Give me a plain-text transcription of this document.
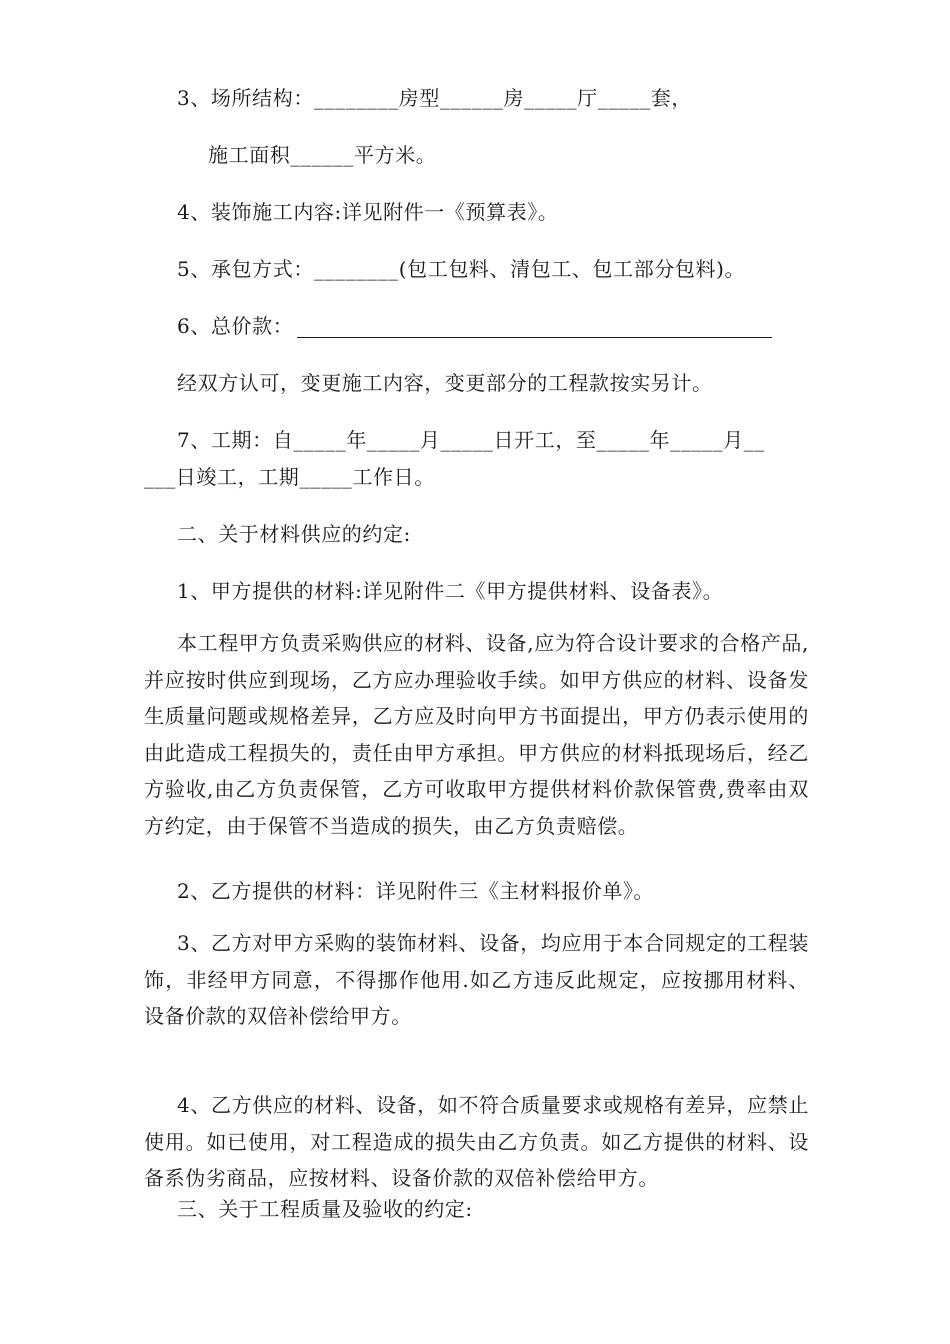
3、场所结构：________房型______房_____厅_____套，
施工面积______平方米。
4、装饰施工内容:详见附件一《预算表》。
5、承包方式：________(包工包料、清包工、包工部分包料)。
6、总价款：
经双方认可，变更施工内容，变更部分的工程款按实另计。
7、工期：自_____年_____月_____日开工，至_____年_____月__
___日竣工，工期_____工作日。
二、关于材料供应的约定:
1、甲方提供的材料:详见附件二《甲方提供材料、设备表》。
本工程甲方负责采购供应的材料、设备,应为符合设计要求的合格产品,并应按时供应到现场，乙方应办理验收手续。如甲方供应的材料、设备发生质量问题或规格差异，乙方应及时向甲方书面提出，甲方仍表示使用的由此造成工程损失的，责任由甲方承担。甲方供应的材料抵现场后，经乙方验收,由乙方负责保管，乙方可收取甲方提供材料价款保管费,费率由双方约定，由于保管不当造成的损失，由乙方负责赔偿。
2、乙方提供的材料：详见附件三《主材料报价单》。
3、乙方对甲方采购的装饰材料、设备，均应用于本合同规定的工程装饰，非经甲方同意，不得挪作他用.如乙方违反此规定，应按挪用材料、设备价款的双倍补偿给甲方。
4、乙方供应的材料、设备，如不符合质量要求或规格有差异，应禁止使用。如已使用，对工程造成的损失由乙方负责。如乙方提供的材料、设备系伪劣商品，应按材料、设备价款的双倍补偿给甲方。
三、关于工程质量及验收的约定:
